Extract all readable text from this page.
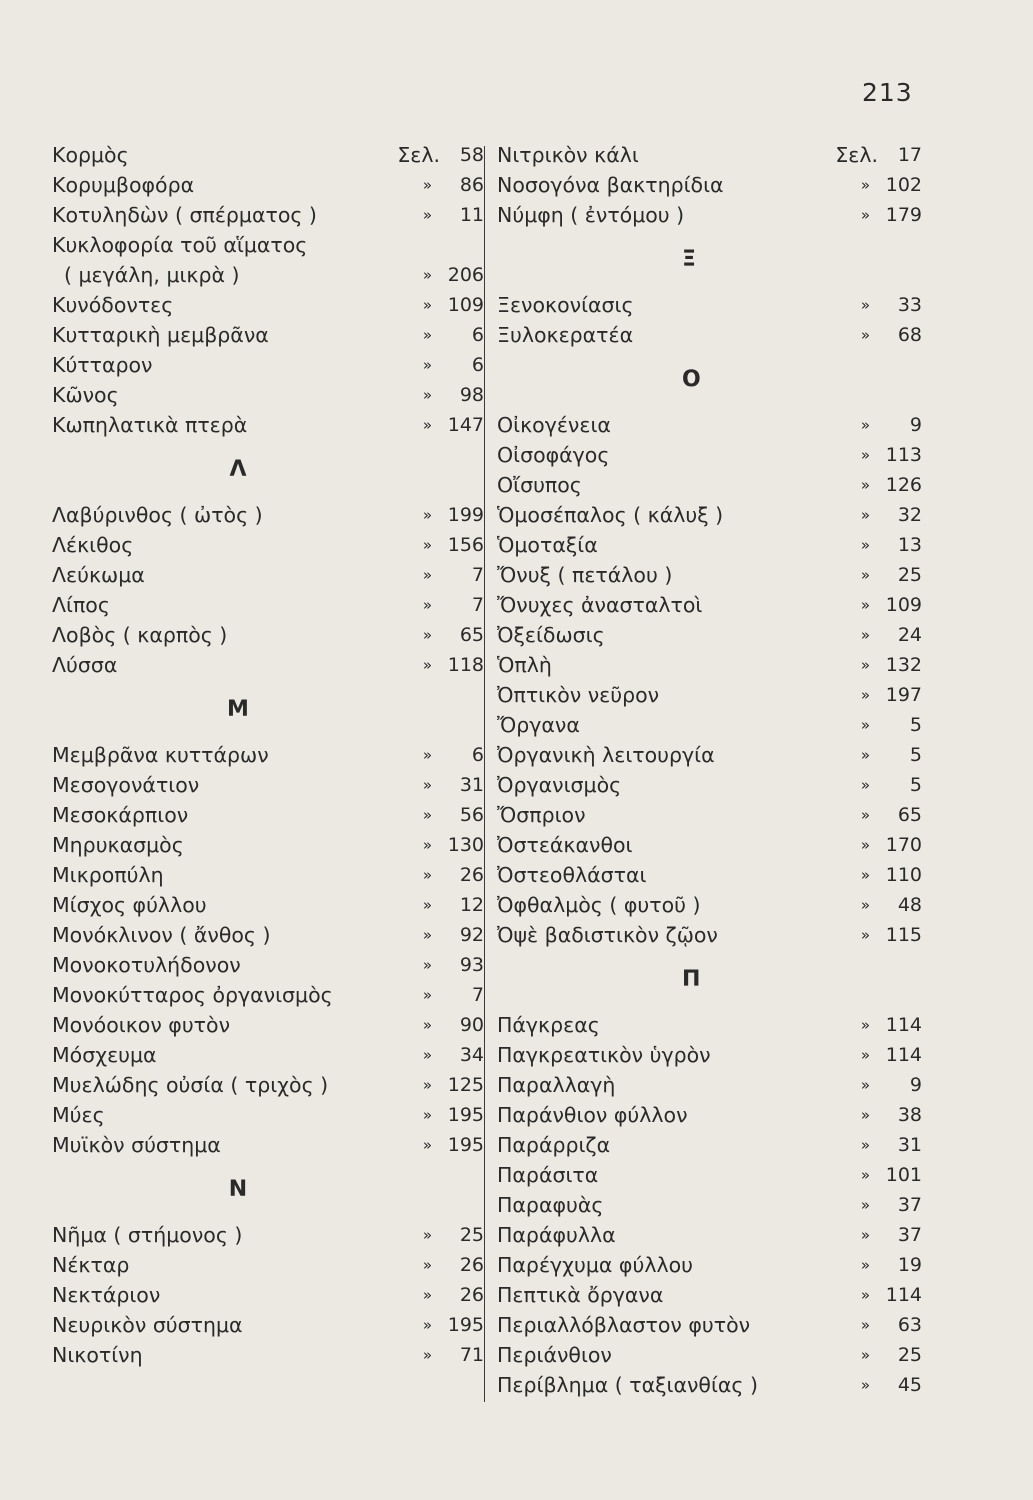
213
Κορμὸς	Σελ. 58
Κορυμβοφόρα	» 86
Κοτυληδὼν ( σπέρματος )	» 11
Κυκλοφορία τοῦ αἵματος
( μεγάλη, μικρὰ )	» 206
Κυνόδοντες	» 109
Κυτταρικὴ μεμβρᾶνα	» 6
Κύτταρον	» 6
Κῶνος	» 98
Κωπηλατικὰ πτερὰ	» 147
Λ
Λαβύρινθος ( ὠτὸς )	» 199
Λέκιθος	» 156
Λεύκωμα	» 7
Λίπος	» 7
Λοβὸς ( καρπὸς )	» 65
Λύσσα	» 118
Μ
Μεμβρᾶνα κυττάρων	» 6
Μεσογονάτιον	» 31
Μεσοκάρπιον	» 56
Μηρυκασμὸς	» 130
Μικροπύλη	» 26
Μίσχος φύλλου	» 12
Μονόκλινον ( ἄνθος )	» 92
Μονοκοτυλήδονον	» 93
Μονοκύτταρος ὀργανισμὸς	» 7
Μονόοικον φυτὸν	» 90
Μόσχευμα	» 34
Μυελώδης οὐσία ( τριχὸς )	» 125
Μύες	» 195
Μυϊκὸν σύστημα	» 195
Ν
Νῆμα ( στήμονος )	» 25
Νέκταρ	» 26
Νεκτάριον	» 26
Νευρικὸν σύστημα	» 195
Νικοτίνη	» 71
Νιτρικὸν κάλι	Σελ. 17
Νοσογόνα βακτηρίδια	» 102
Νύμφη ( ἐντόμου )	» 179
Ξ
Ξενοκονίασις	» 33
Ξυλοκερατέα	» 68
Ο
Οἰκογένεια	» 9
Οἰσοφάγος	» 113
Οἴσυπος	» 126
Ὁμοσέπαλος ( κάλυξ )	» 32
Ὁμοταξία	» 13
Ὄνυξ ( πετάλου )	» 25
Ὄνυχες ἀνασταλτοὶ	» 109
Ὀξείδωσις	» 24
Ὁπλὴ	» 132
Ὀπτικὸν νεῦρον	» 197
Ὄργανα	» 5
Ὀργανικὴ λειτουργία	» 5
Ὀργανισμὸς	» 5
Ὄσπριον	» 65
Ὀστεάκανθοι	» 170
Ὀστεοθλάσται	» 110
Ὀφθαλμὸς ( φυτοῦ )	» 48
Ὀψὲ βαδιστικὸν ζῷον	» 115
Π
Πάγκρεας	» 114
Παγκρεατικὸν ὑγρὸν	» 114
Παραλλαγὴ	» 9
Παράνθιον φύλλον	» 38
Παράρριζα	» 31
Παράσιτα	» 101
Παραφυὰς	» 37
Παράφυλλα	» 37
Παρέγχυμα φύλλου	» 19
Πεπτικὰ ὄργανα	» 114
Περιαλλόβλαστον φυτὸν	» 63
Περιάνθιον	» 25
Περίβλημα ( ταξιανθίας )	» 45
